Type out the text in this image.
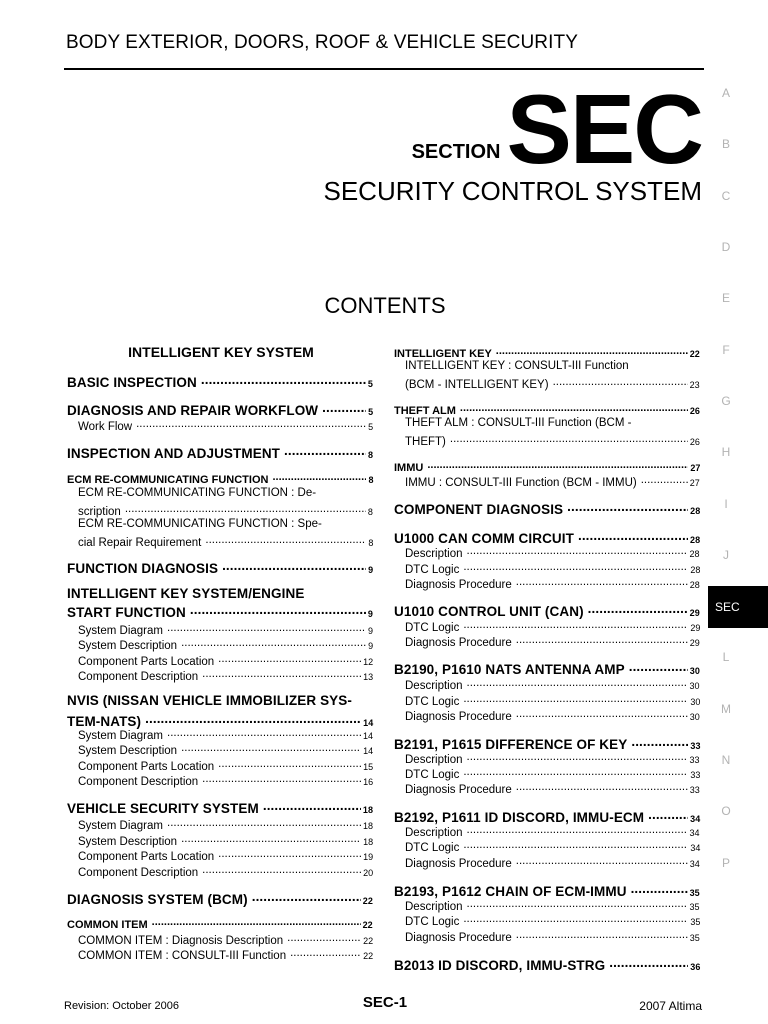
BODY EXTERIOR, DOORS, ROOF & VEHICLE SECURITY
SECTION SEC
SECURITY CONTROL SYSTEM
CONTENTS
A
B
C
D
E
F
G
H
I
J
L
M
N
O
P
SEC
INTELLIGENT KEY SYSTEM
BASIC INSPECTION .....	5
DIAGNOSIS AND REPAIR WORKFLOW .....	5
Work Flow .....	5
INSPECTION AND ADJUSTMENT .....	8
ECM RE-COMMUNICATING FUNCTION .....	8
ECM RE-COMMUNICATING FUNCTION : De-
scription .....	8
ECM RE-COMMUNICATING FUNCTION : Spe-
cial Repair Requirement .....	8
FUNCTION DIAGNOSIS .....	9
INTELLIGENT KEY SYSTEM/ENGINE
START FUNCTION .....	9
System Diagram .....	9
System Description .....	9
Component Parts Location .....	12
Component Description .....	13
NVIS (NISSAN VEHICLE IMMOBILIZER SYS-
TEM-NATS) .....	14
System Diagram .....	14
System Description .....	14
Component Parts Location .....	15
Component Description .....	16
VEHICLE SECURITY SYSTEM .....	18
System Diagram .....	18
System Description .....	18
Component Parts Location .....	19
Component Description .....	20
DIAGNOSIS SYSTEM (BCM) .....	22
COMMON ITEM .....	22
COMMON ITEM : Diagnosis Description .....	22
COMMON ITEM : CONSULT-III Function .....	22
INTELLIGENT KEY .....	22
INTELLIGENT KEY : CONSULT-III Function
(BCM - INTELLIGENT KEY) .....	23
THEFT ALM .....	26
THEFT ALM : CONSULT-III Function (BCM -
THEFT) .....	26
IMMU .....	27
IMMU : CONSULT-III Function (BCM - IMMU) .....	27
COMPONENT DIAGNOSIS .....	28
U1000 CAN COMM CIRCUIT .....	28
Description .....	28
DTC Logic .....	28
Diagnosis Procedure .....	28
U1010 CONTROL UNIT (CAN) .....	29
DTC Logic .....	29
Diagnosis Procedure .....	29
B2190, P1610 NATS ANTENNA AMP .....	30
Description .....	30
DTC Logic .....	30
Diagnosis Procedure .....	30
B2191, P1615 DIFFERENCE OF KEY .....	33
Description .....	33
DTC Logic .....	33
Diagnosis Procedure .....	33
B2192, P1611 ID DISCORD, IMMU-ECM .....	34
Description .....	34
DTC Logic .....	34
Diagnosis Procedure .....	34
B2193, P1612 CHAIN OF ECM-IMMU .....	35
Description .....	35
DTC Logic .....	35
Diagnosis Procedure .....	35
B2013 ID DISCORD, IMMU-STRG .....	36
Revision: October 2006	SEC-1	2007 Altima
